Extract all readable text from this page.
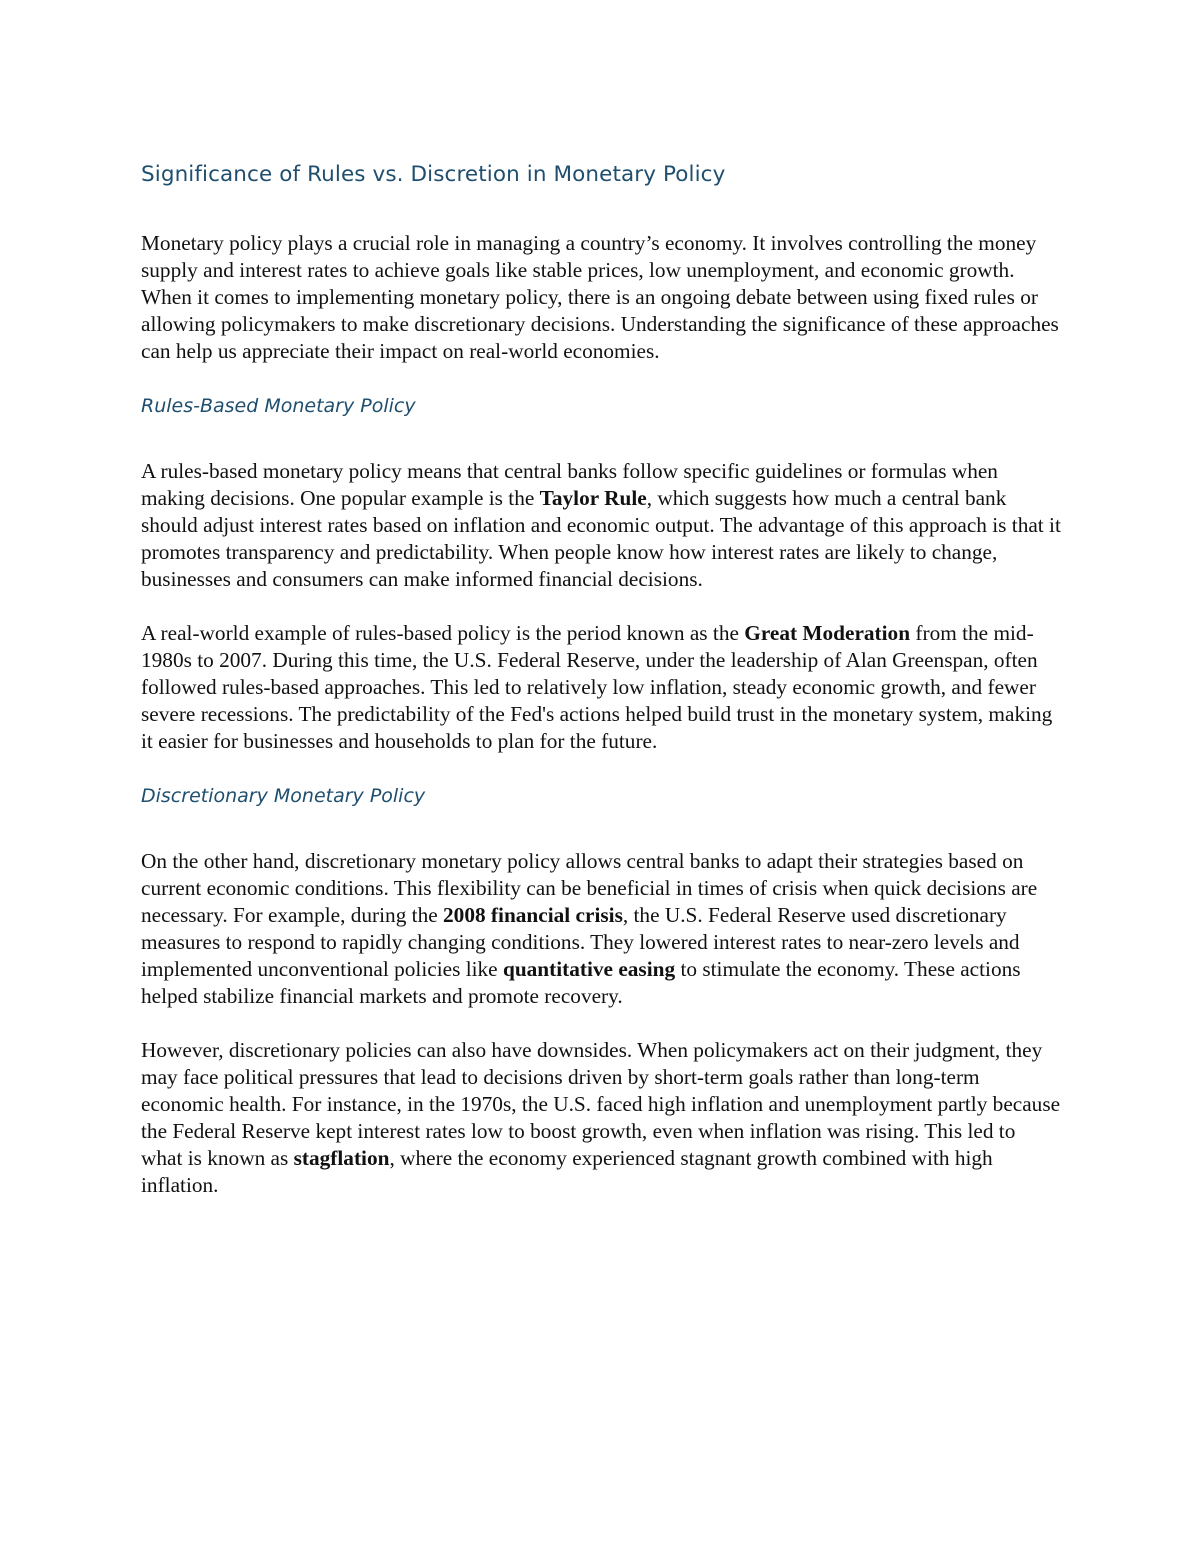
Significance of Rules vs. Discretion in Monetary Policy

Monetary policy plays a crucial role in managing a country’s economy. It involves controlling the money supply and interest rates to achieve goals like stable prices, low unemployment, and economic growth. When it comes to implementing monetary policy, there is an ongoing debate between using fixed rules or allowing policymakers to make discretionary decisions. Understanding the significance of these approaches can help us appreciate their impact on real-world economies.

Rules-Based Monetary Policy

A rules-based monetary policy means that central banks follow specific guidelines or formulas when making decisions. One popular example is the Taylor Rule, which suggests how much a central bank should adjust interest rates based on inflation and economic output. The advantage of this approach is that it promotes transparency and predictability. When people know how interest rates are likely to change, businesses and consumers can make informed financial decisions.

A real-world example of rules-based policy is the period known as the Great Moderation from the mid-1980s to 2007. During this time, the U.S. Federal Reserve, under the leadership of Alan Greenspan, often followed rules-based approaches. This led to relatively low inflation, steady economic growth, and fewer severe recessions. The predictability of the Fed's actions helped build trust in the monetary system, making it easier for businesses and households to plan for the future.

Discretionary Monetary Policy

On the other hand, discretionary monetary policy allows central banks to adapt their strategies based on current economic conditions. This flexibility can be beneficial in times of crisis when quick decisions are necessary. For example, during the 2008 financial crisis, the U.S. Federal Reserve used discretionary measures to respond to rapidly changing conditions. They lowered interest rates to near-zero levels and implemented unconventional policies like quantitative easing to stimulate the economy. These actions helped stabilize financial markets and promote recovery.

However, discretionary policies can also have downsides. When policymakers act on their judgment, they may face political pressures that lead to decisions driven by short-term goals rather than long-term economic health. For instance, in the 1970s, the U.S. faced high inflation and unemployment partly because the Federal Reserve kept interest rates low to boost growth, even when inflation was rising. This led to what is known as stagflation, where the economy experienced stagnant growth combined with high inflation.
